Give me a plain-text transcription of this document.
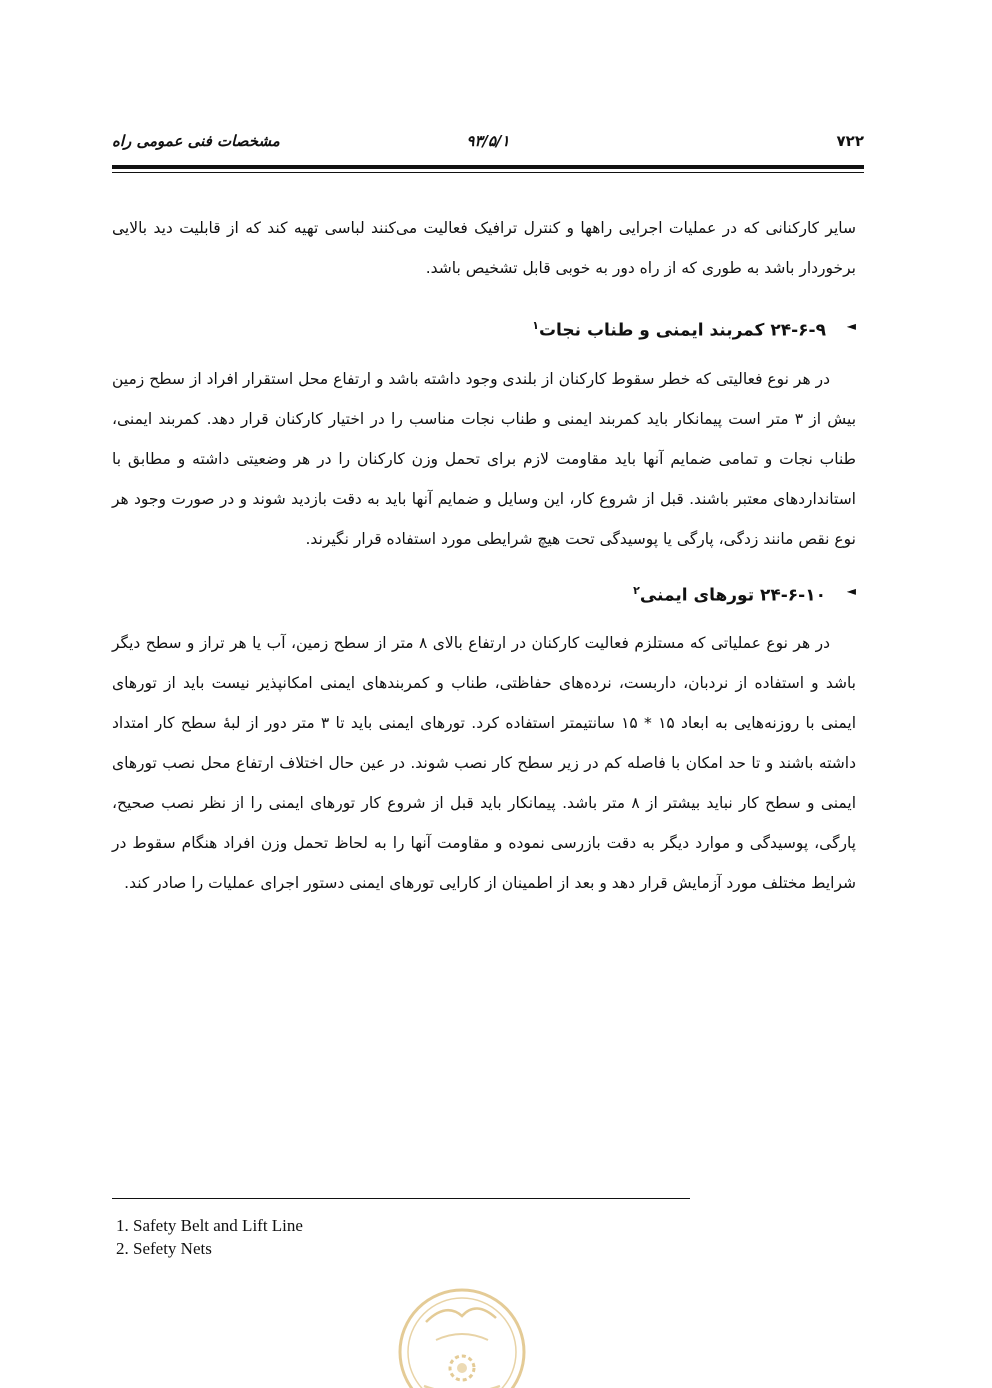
۷۲۲
۹۳/۵/۱
مشخصات فنی عمومی راه

سایر کارکنانی که در عملیات اجرایی راهها و کنترل ترافیک فعالیت می‌کنند لباسی تهیه کند که از قابلیت دید بالایی برخوردار باشد به طوری که از راه دور به خوبی قابل تشخیص باشد.

◄
۲۴-۶-۹ کمربند ایمنی و طناب نجات$^۱$

در هر نوع فعالیتی که خطر سقوط کارکنان از بلندی وجود داشته باشد و ارتفاع محل استقرار افراد از سطح زمین بیش از ۳ متر است پیمانکار باید کمربند ایمنی و طناب نجات مناسب را در اختیار کارکنان قرار دهد. کمربند ایمنی، طناب نجات و تمامی ضمایم آنها باید مقاومت لازم برای تحمل وزن کارکنان را در هر وضعیتی داشته و مطابق با استانداردهای معتبر باشند. قبل از شروع کار، این وسایل و ضمایم آنها باید به دقت بازدید شوند و در صورت وجود هر نوع نقص مانند زدگی، پارگی یا پوسیدگی تحت هیچ شرایطی مورد استفاده قرار نگیرند.

◄
۲۴-۶-۱۰ تورهای ایمنی$^۲$

در هر نوع عملیاتی که مستلزم فعالیت کارکنان در ارتفاع بالای ۸ متر از سطح زمین، آب یا هر تراز و سطح دیگر باشد و استفاده از نردبان، داربست، نرده‌های حفاظتی، طناب و کمربندهای ایمنی امکانپذیر نیست باید از تورهای ایمنی با روزنه‌هایی به ابعاد ۱۵ * ۱۵ سانتیمتر استفاده کرد. تورهای ایمنی باید تا ۳ متر دور از لبهٔ سطح کار امتداد داشته باشند و تا حد امکان با فاصله کم در زیر سطح کار نصب شوند. در عین حال اختلاف ارتفاع محل نصب تورهای ایمنی و سطح کار نباید بیشتر از ۸ متر باشد. پیمانکار باید قبل از شروع کار تورهای ایمنی را از نظر نصب صحیح، پارگی، پوسیدگی و موارد دیگر به دقت بازرسی نموده و مقاومت آنها را به لحاظ تحمل وزن افراد هنگام سقوط در شرایط مختلف مورد آزمایش قرار دهد و بعد از اطمینان از کارایی تورهای ایمنی دستور اجرای عملیات را صادر کند.

1. Safety Belt and Lift Line
2. Sefety Nets
